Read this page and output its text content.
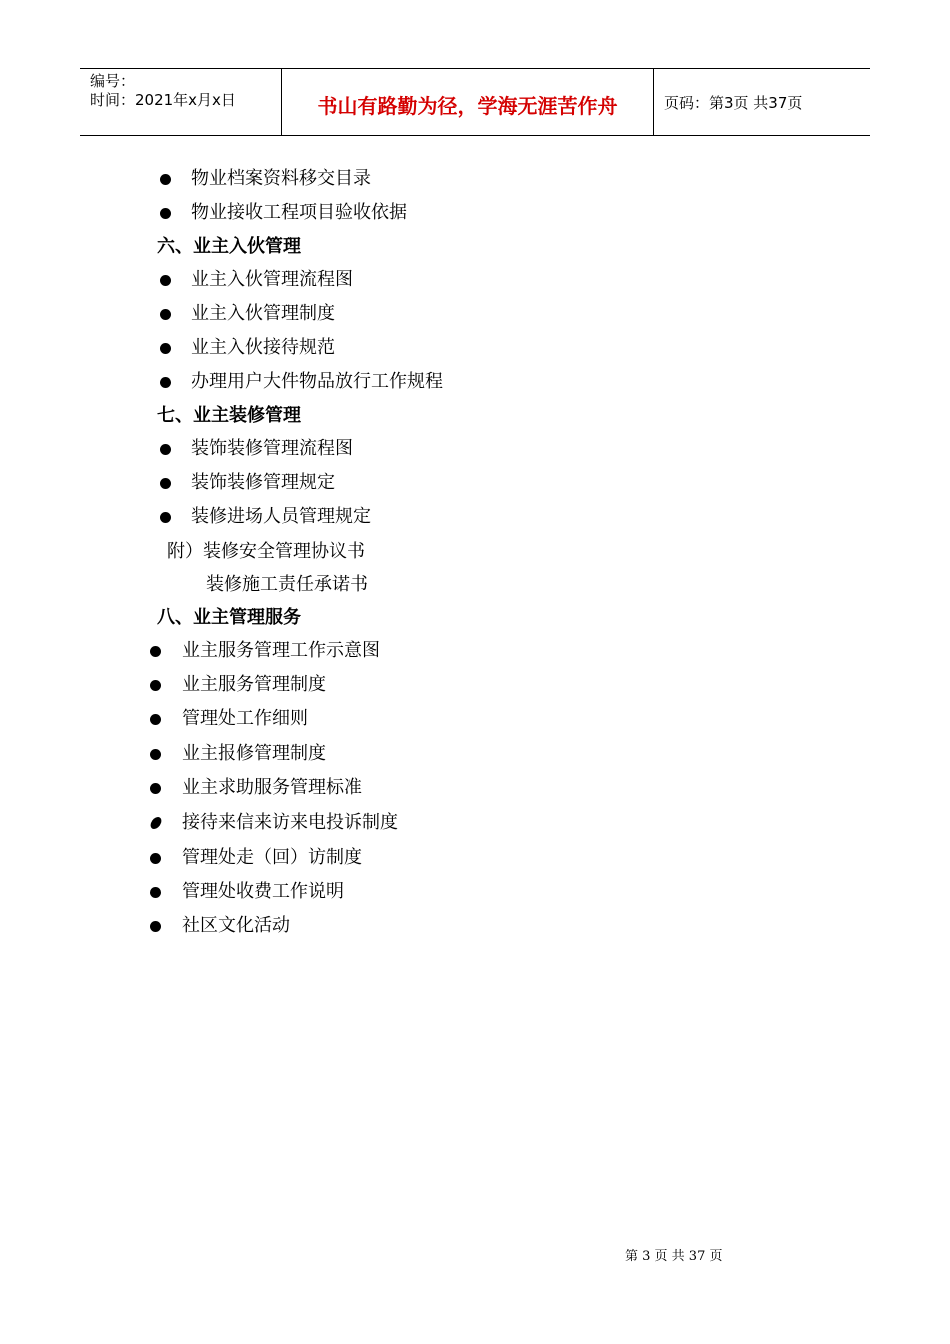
编号：
时间：2021年x月x日	书山有路勤为径，学海无涯苦作舟	页码：第3页 共37页
物业档案资料移交目录
物业接收工程项目验收依据
六、业主入伙管理
业主入伙管理流程图
业主入伙管理制度
业主入伙接待规范
办理用户大件物品放行工作规程
七、业主装修管理
装饰装修管理流程图
装饰装修管理规定
装修进场人员管理规定
附）装修安全管理协议书
装修施工责任承诺书
八、业主管理服务
业主服务管理工作示意图
业主服务管理制度
管理处工作细则
业主报修管理制度
业主求助服务管理标准
接待来信来访来电投诉制度
管理处走（回）访制度
管理处收费工作说明
社区文化活动
第 3 页 共 37 页
